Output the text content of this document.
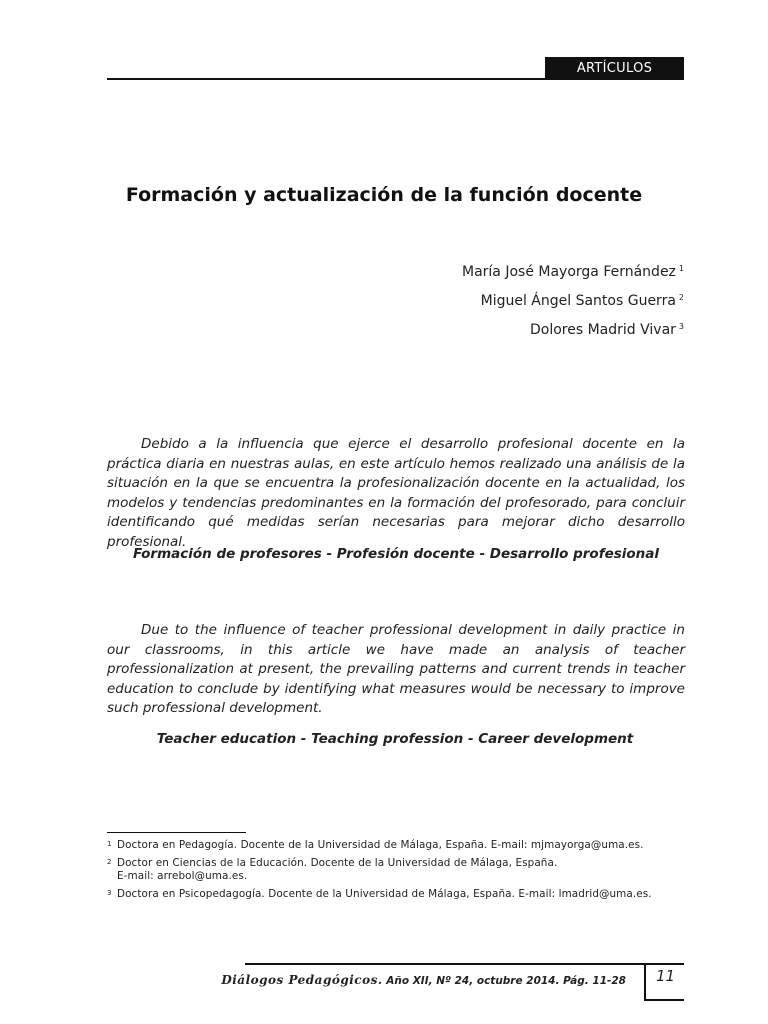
ARTÍCULOS
Formación y actualización de la función docente
María José Mayorga Fernández $^1$
Miguel Ángel Santos Guerra $^2$
Dolores Madrid Vivar $^3$

Debido a la influencia que ejerce el desarrollo profesional docente en la práctica diaria en nuestras aulas, en este artículo hemos realizado una análisis de la situación en la que se encuentra la profesionalización docente en la actualidad, los modelos y tendencias predominantes en la formación del profesorado, para concluir identificando qué medidas serían necesarias para mejorar dicho desarrollo profesional.

Formación de profesores - Profesión docente - Desarrollo profesional

Due to the influence of teacher professional development in daily practice in our classrooms, in this article we have made an analysis of teacher professionalization at present, the prevailing patterns and current trends in teacher education to conclude by identifying what measures would be necessary to improve such professional development.

Teacher education - Teaching profession - Career development
1 Doctora en Pedagogía. Docente de la Universidad de Málaga, España. E-mail: mjmayorga@uma.es.
2 Doctor en Ciencias de la Educación. Docente de la Universidad de Málaga, España.
E-mail: arrebol@uma.es.
3 Doctora en Psicopedagogía. Docente de la Universidad de Málaga, España. E-mail: lmadrid@uma.es.
Diálogos Pedagógicos. Año XII, Nº 24, octubre 2014. Pág. 11-28 11
